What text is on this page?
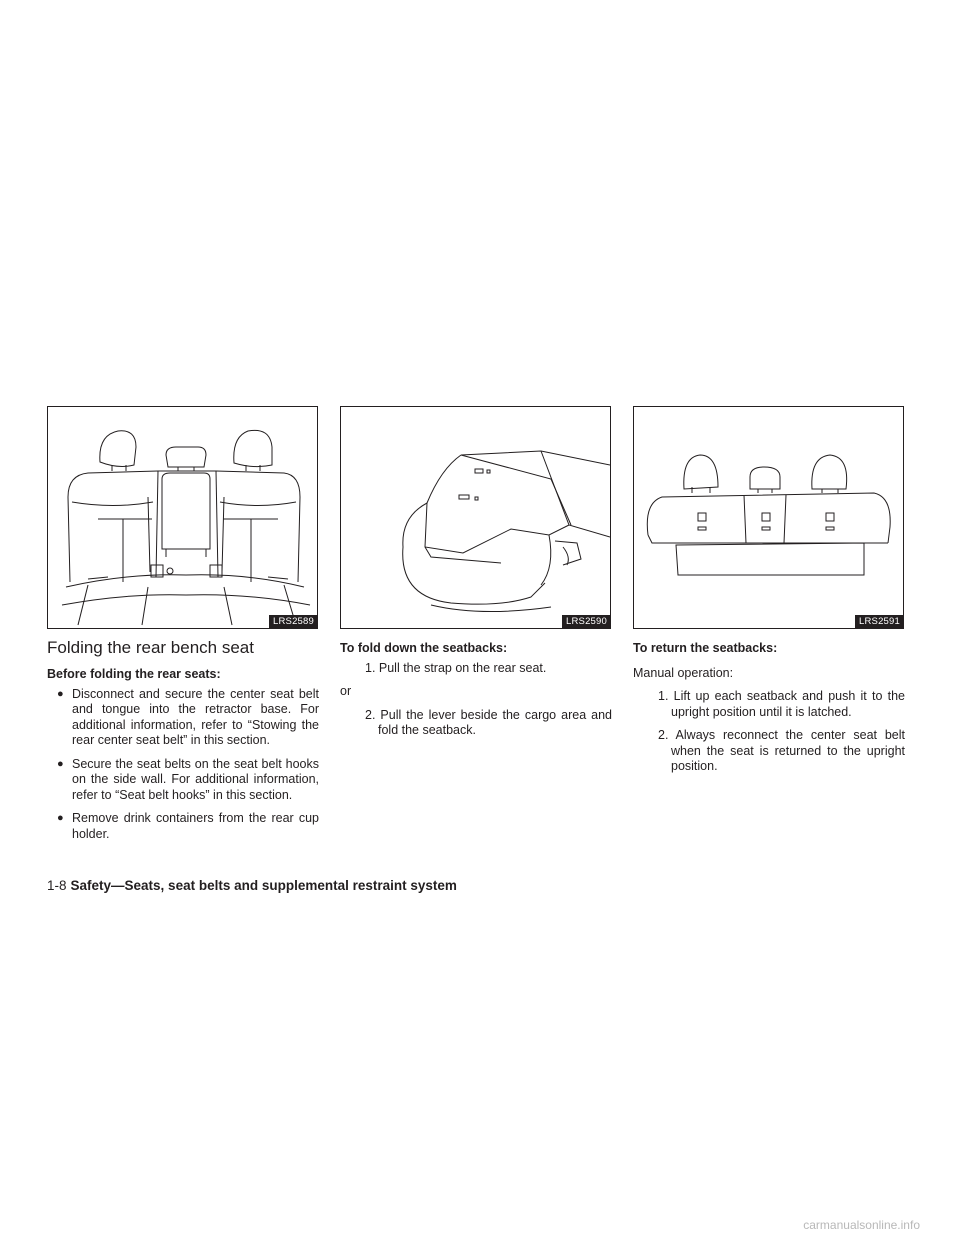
LRS2589	LRS2590	LRS2591
Folding the rear bench seat
Before folding the rear seats:
● Disconnect and secure the center seat belt and tongue into the retractor base. For additional information, refer to “Stowing the rear center seat belt” in this section.
● Secure the seat belts on the seat belt hooks on the side wall. For additional information, refer to “Seat belt hooks” in this section.
● Remove drink containers from the rear cup holder.
To fold down the seatbacks:
1. Pull the strap on the rear seat.
or
2. Pull the lever beside the cargo area and fold the seatback.
To return the seatbacks:
Manual operation:
1. Lift up each seatback and push it to the upright position until it is latched.
2. Always reconnect the center seat belt when the seat is returned to the upright position.
1-8 Safety—Seats, seat belts and supplemental restraint system
carmanualsonline.info
